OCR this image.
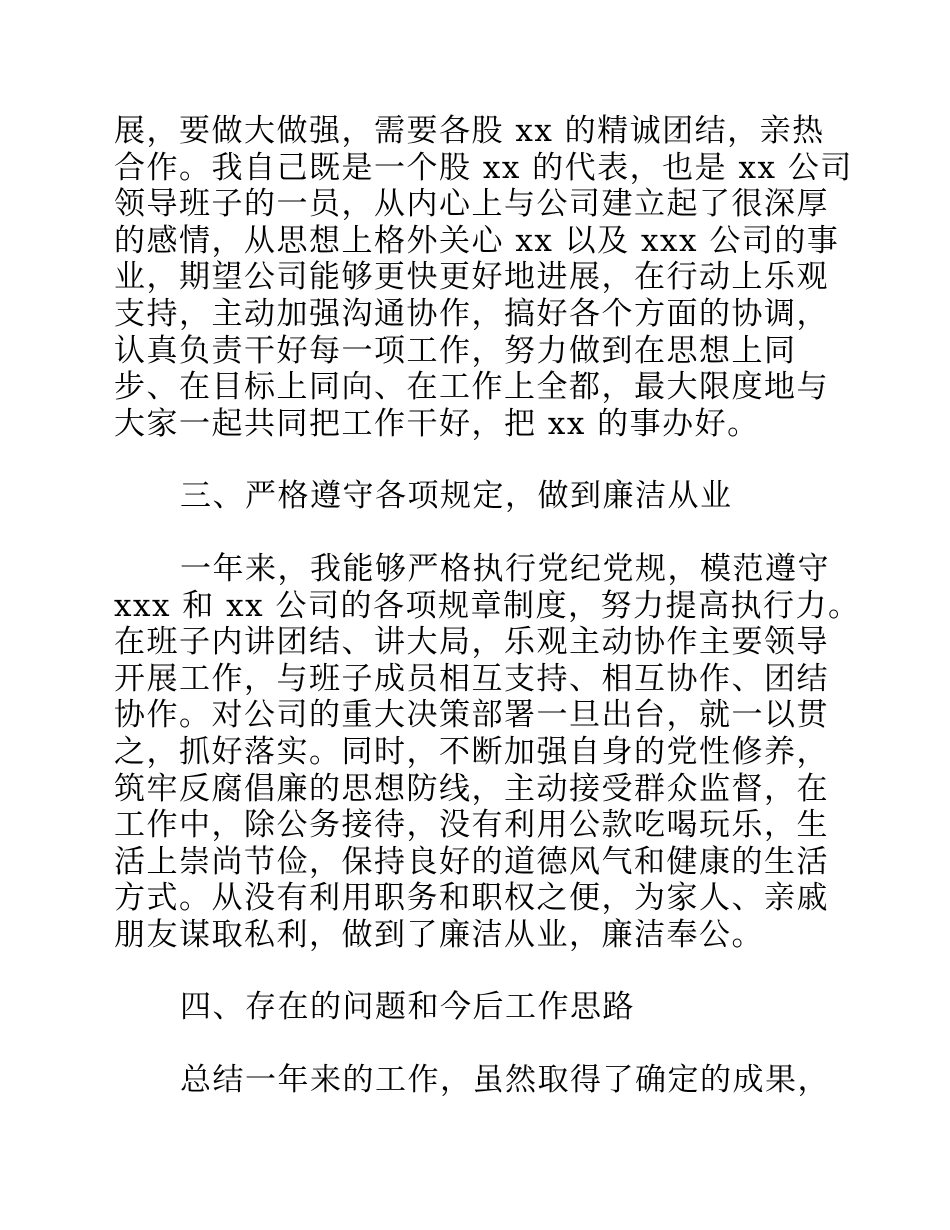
展，要做大做强，需要各股 xx 的精诚团结，亲热
合作。我自己既是一个股 xx 的代表，也是 xx 公司
领导班子的一员，从内心上与公司建立起了很深厚
的感情，从思想上格外关心 xx 以及 xxx 公司的事
业，期望公司能够更快更好地进展，在行动上乐观
支持，主动加强沟通协作，搞好各个方面的协调，
认真负责干好每一项工作，努力做到在思想上同
步、在目标上同向、在工作上全都，最大限度地与
大家一起共同把工作干好，把 xx 的事办好。
三、严格遵守各项规定，做到廉洁从业
一年来，我能够严格执行党纪党规，模范遵守
xxx 和 xx 公司的各项规章制度，努力提高执行力。
在班子内讲团结、讲大局，乐观主动协作主要领导
开展工作，与班子成员相互支持、相互协作、团结
协作。对公司的重大决策部署一旦出台，就一以贯
之，抓好落实。同时，不断加强自身的党性修养，
筑牢反腐倡廉的思想防线，主动接受群众监督，在
工作中，除公务接待，没有利用公款吃喝玩乐，生
活上崇尚节俭，保持良好的道德风气和健康的生活
方式。从没有利用职务和职权之便，为家人、亲戚
朋友谋取私利，做到了廉洁从业，廉洁奉公。
四、存在的问题和今后工作思路
总结一年来的工作，虽然取得了确定的成果，
